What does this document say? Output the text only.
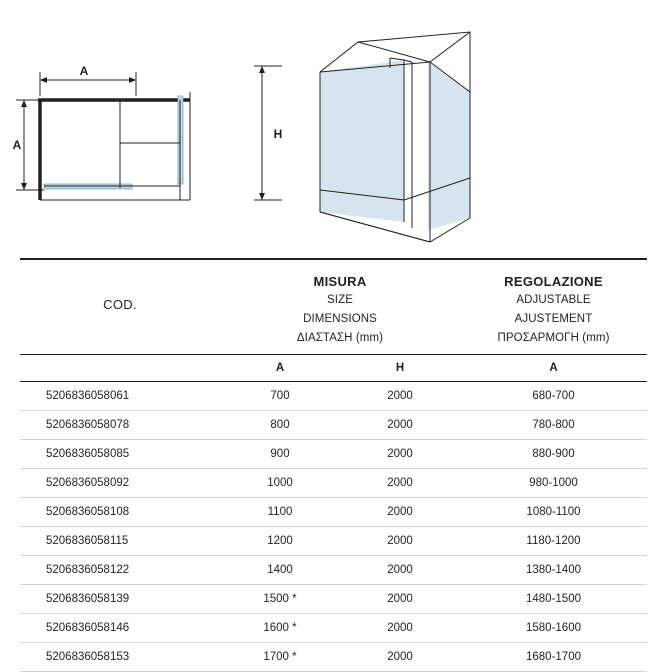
A
A
H
COD.	
MISURA
SIZE
DIMENSIONS
ΔΙΑΣΤΑΣΗ (mm)

REGOLAZIONE
ADJUSTABLE
AJUSTEMENT
ΠΡΟΣΑΡΜΟΓΗ (mm)

	A	H	A
5206836058061	700	2000	680-700
5206836058078	800	2000	780-800
5206836058085	900	2000	880-900
5206836058092	1000	2000	980-1000
5206836058108	1100	2000	1080-1100
5206836058115	1200	2000	1180-1200
5206836058122	1400	2000	1380-1400
5206836058139	1500 *	2000	1480-1500
5206836058146	1600 *	2000	1580-1600
5206836058153	1700 *	2000	1680-1700
